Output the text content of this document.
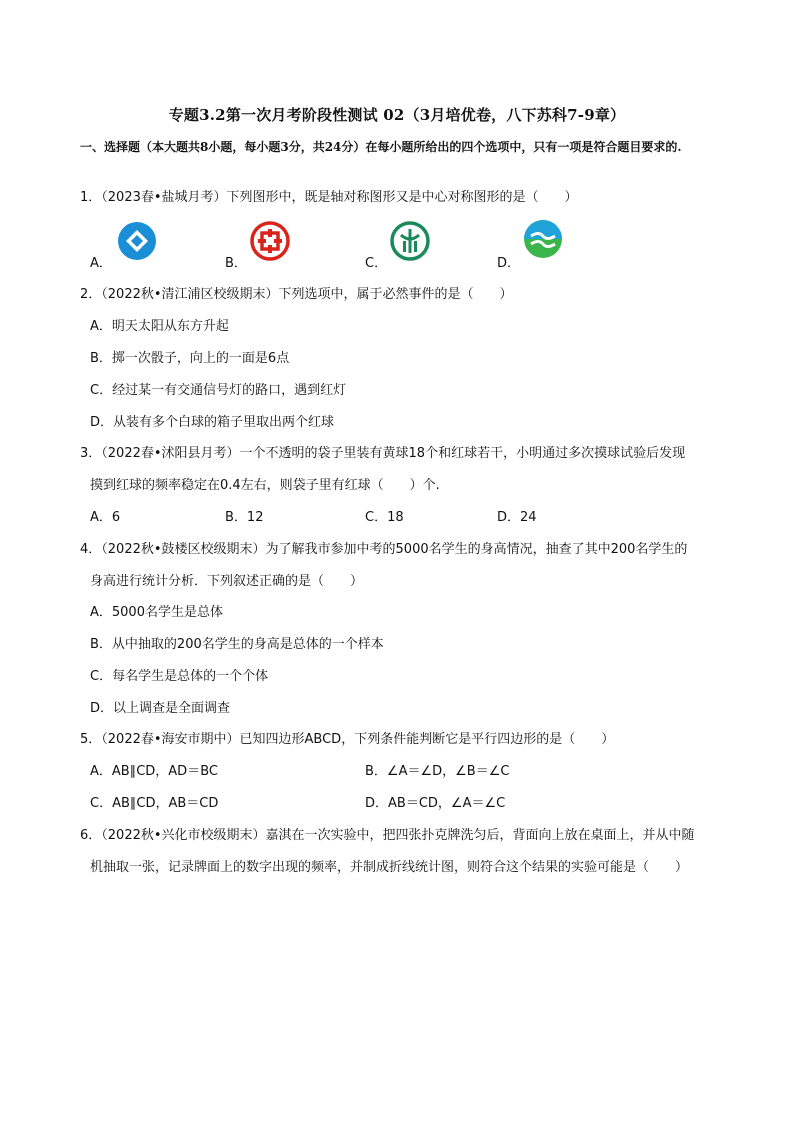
专题3.2第一次月考阶段性测试 02（3月培优卷，八下苏科7-9章）
一、选择题（本大题共8小题，每小题3分，共24分）在每小题所给出的四个选项中，只有一项是符合题目要求的.
1．（2023春•盐城月考）下列图形中，既是轴对称图形又是中心对称图形的是（　　）
A．	B．	C．	D．
2．（2022秋•清江浦区校级期末）下列选项中，属于必然事件的是（　　）
A．明天太阳从东方升起
B．掷一次骰子，向上的一面是6点
C．经过某一有交通信号灯的路口，遇到红灯
D．从装有多个白球的箱子里取出两个红球
3．（2022春•沭阳县月考）一个不透明的袋子里装有黄球18个和红球若干，小明通过多次摸球试验后发现
摸到红球的频率稳定在0.4左右，则袋子里有红球（　　）个.
A．6	B．12	C．18	D．24
4．（2022秋•鼓楼区校级期末）为了解我市参加中考的5000名学生的身高情况，抽查了其中200名学生的
身高进行统计分析．下列叙述正确的是（　　）
A．5000名学生是总体
B．从中抽取的200名学生的身高是总体的一个样本
C．每名学生是总体的一个个体
D．以上调查是全面调查
5．（2022春•海安市期中）已知四边形ABCD，下列条件能判断它是平行四边形的是（　　）
A．AB∥CD，AD＝BC	B．∠A＝∠D，∠B＝∠C
C．AB∥CD，AB＝CD	D．AB＝CD，∠A＝∠C
6．（2022秋•兴化市校级期末）嘉淇在一次实验中，把四张扑克牌洗匀后，背面向上放在桌面上，并从中随
机抽取一张，记录牌面上的数字出现的频率，并制成折线统计图，则符合这个结果的实验可能是（　　）
